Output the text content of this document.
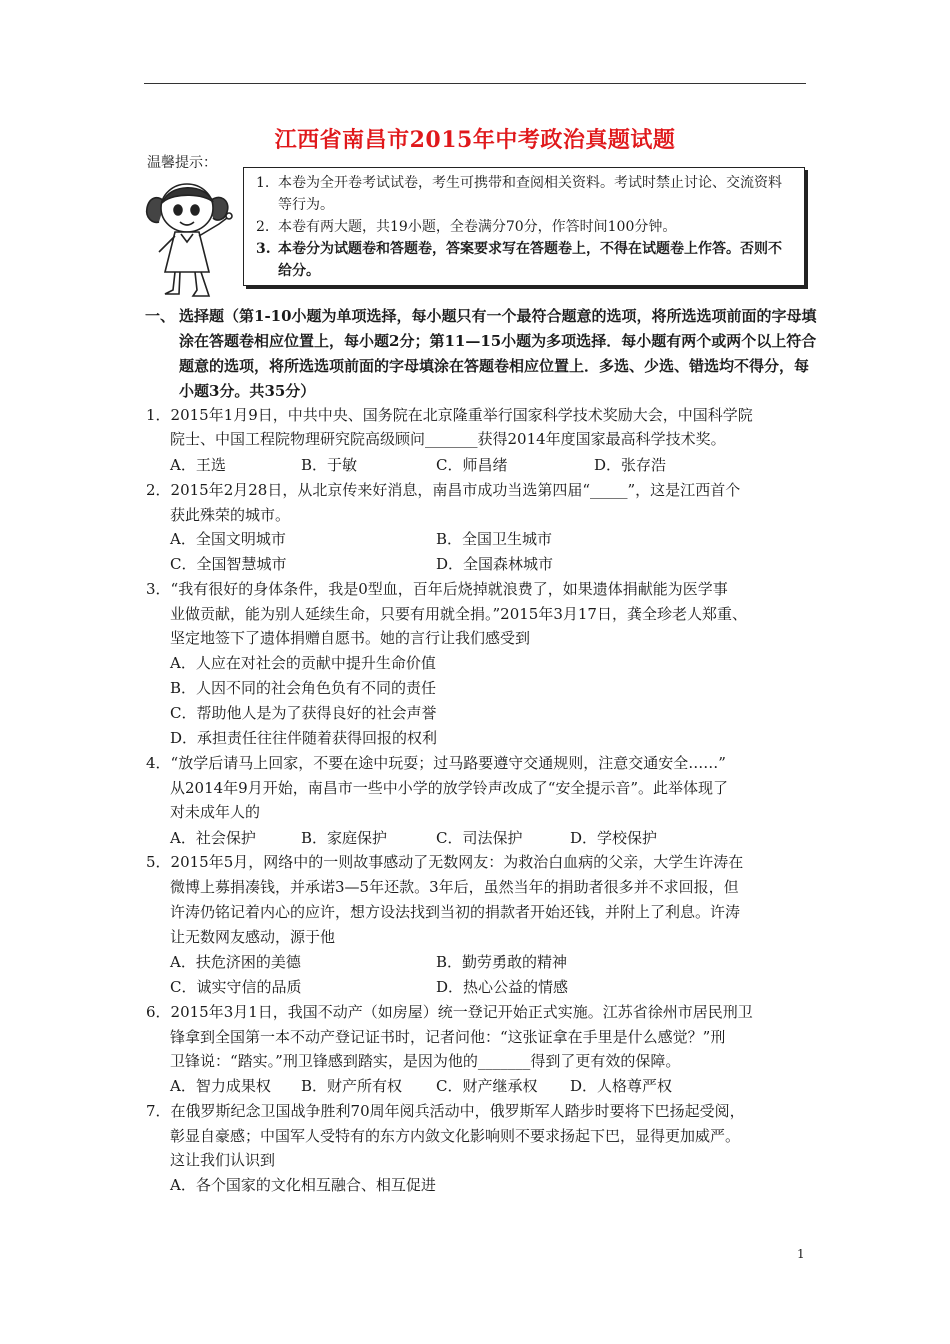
江西省南昌市2015年中考政治真题试题
温馨提示：
1. 本卷为全开卷考试试卷，考生可携带和查阅相关资料。考试时禁止讨论、交流资料等行为。
2. 本卷有两大题，共19小题，全卷满分70分，作答时间100分钟。
3. 本卷分为试题卷和答题卷，答案要求写在答题卷上，不得在试题卷上作答。否则不给分。
一、 选择题（第1-10小题为单项选择，每小题只有一个最符合题意的选项，将所选选项前面的字母填涂在答题卷相应位置上，每小题2分；第11—15小题为多项选择．每小题有两个或两个以上符合题意的选项，将所选选项前面的字母填涂在答题卷相应位置上．多选、少选、错选均不得分，每小题3分。共35分）
1．2015年1月9日，中共中央、国务院在北京隆重举行国家科学技术奖励大会，中国科学院
院士、中国工程院物理研究院高级顾问_______获得2014年度国家最高科学技术奖。
A．王选	B．于敏	C．师昌绪	D．张存浩
2．2015年2月28日，从北京传来好消息，南昌市成功当选第四届“_____”，这是江西首个
获此殊荣的城市。
A．全国文明城市	B．全国卫生城市
C．全国智慧城市	D．全国森林城市
3．“我有很好的身体条件，我是0型血，百年后烧掉就浪费了，如果遗体捐献能为医学事
业做贡献，能为别人延续生命，只要有用就全捐。”2015年3月17日，龚全珍老人郑重、
坚定地签下了遗体捐赠自愿书。她的言行让我们感受到
A．人应在对社会的贡献中提升生命价值
B．人因不同的社会角色负有不同的责任
C．帮助他人是为了获得良好的社会声誉
D．承担责任往往伴随着获得回报的权利
4．“放学后请马上回家，不要在途中玩耍；过马路要遵守交通规则，注意交通安全……”
从2014年9月开始，南昌市一些中小学的放学铃声改成了“安全提示音”。此举体现了
对未成年人的
A．社会保护	B．家庭保护	C．司法保护	D．学校保护
5．2015年5月，网络中的一则故事感动了无数网友：为救治白血病的父亲，大学生许涛在
微博上募捐凑钱，并承诺3—5年还款。3年后，虽然当年的捐助者很多并不求回报，但
许涛仍铭记着内心的应许，想方设法找到当初的捐款者开始还钱，并附上了利息。许涛
让无数网友感动，源于他
A．扶危济困的美德	B．勤劳勇敢的精神
C．诚实守信的品质	D．热心公益的情感
6．2015年3月1日，我国不动产（如房屋）统一登记开始正式实施。江苏省徐州市居民刑卫
锋拿到全国第一本不动产登记证书时，记者问他：“这张证拿在手里是什么感觉？”刑
卫锋说：“踏实。”刑卫锋感到踏实，是因为他的_______得到了更有效的保障。
A．智力成果权 B．财产所有权 C．财产继承权 D．人格尊严权
7．在俄罗斯纪念卫国战争胜利70周年阅兵活动中，俄罗斯军人踏步时要将下巴扬起受阅，
彰显自豪感；中国军人受特有的东方内敛文化影响则不要求扬起下巴，显得更加威严。
这让我们认识到
A．各个国家的文化相互融合、相互促进
1
